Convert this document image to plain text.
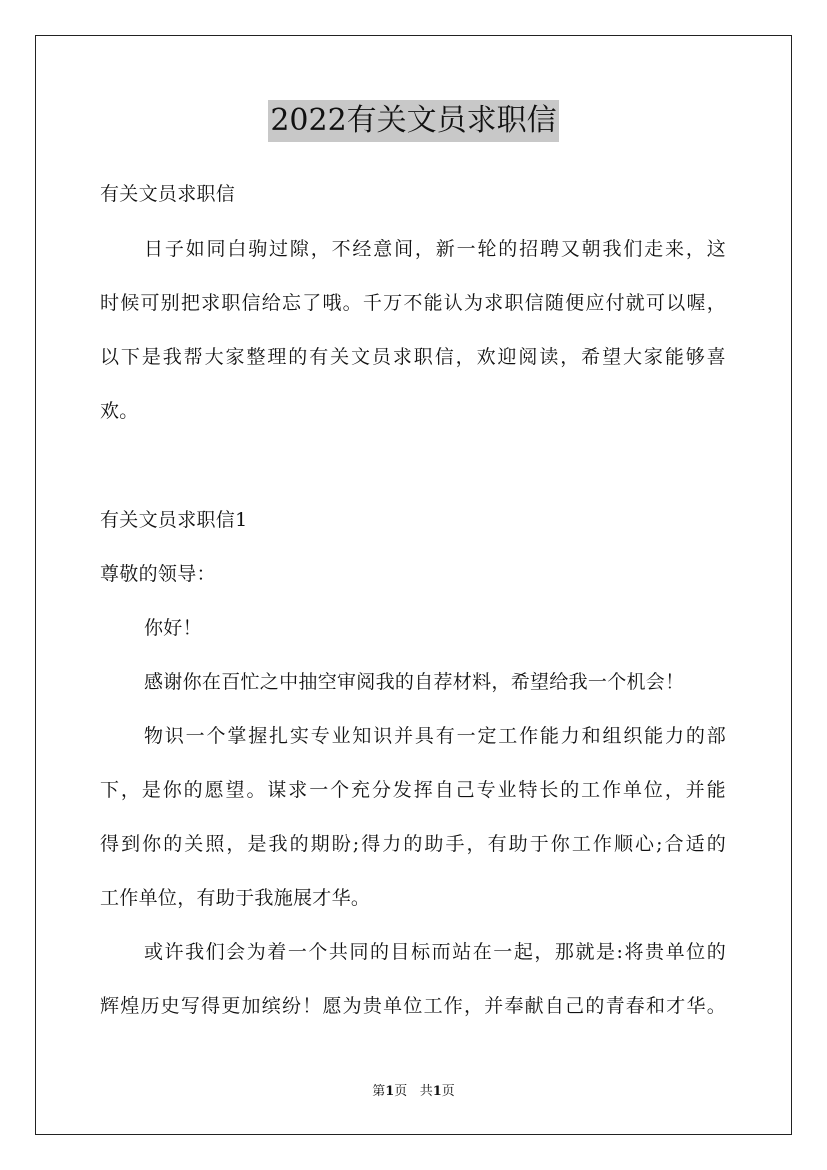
2022有关文员求职信
有关文员求职信
日子如同白驹过隙，不经意间，新一轮的招聘又朝我们走来，这
时候可别把求职信给忘了哦。千万不能认为求职信随便应付就可以喔，
以下是我帮大家整理的有关文员求职信，欢迎阅读，希望大家能够喜
欢。
有关文员求职信1
尊敬的领导：
你好！
感谢你在百忙之中抽空审阅我的自荐材料，希望给我一个机会！
物识一个掌握扎实专业知识并具有一定工作能力和组织能力的部
下，是你的愿望。谋求一个充分发挥自己专业特长的工作单位，并能
得到你的关照，是我的期盼;得力的助手，有助于你工作顺心;合适的
工作单位，有助于我施展才华。
或许我们会为着一个共同的目标而站在一起，那就是:将贵单位的
辉煌历史写得更加缤纷！愿为贵单位工作，并奉献自己的青春和才华。
第1页   共1页
